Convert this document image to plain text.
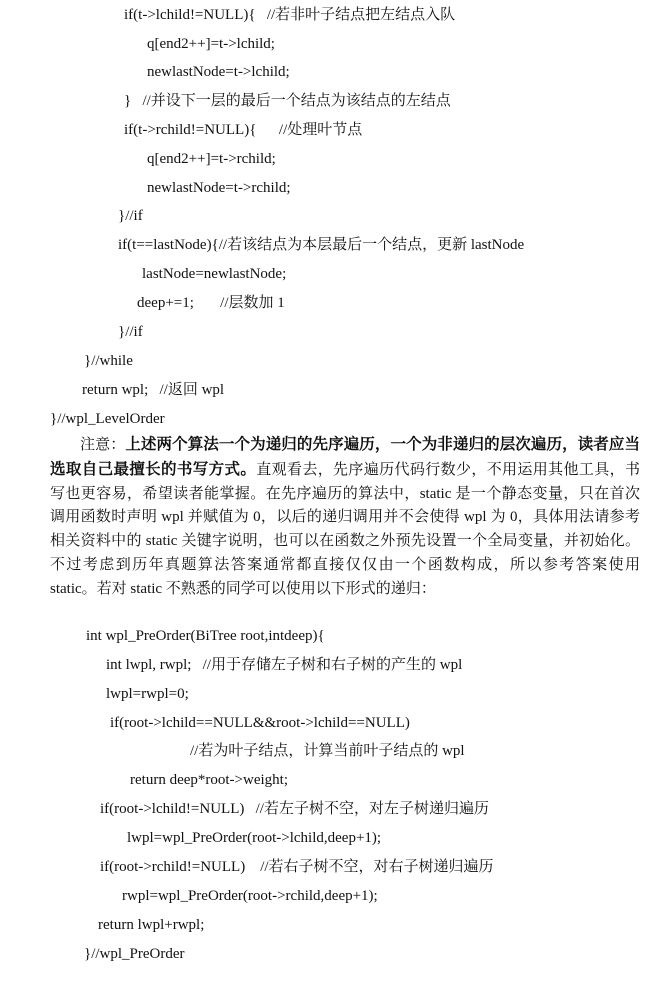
if(t->lchild!=NULL){   //若非叶子结点把左结点入队
q[end2++]=t->lchild;
newlastNode=t->lchild;
}   //并设下一层的最后一个结点为该结点的左结点
if(t->rchild!=NULL){      //处理叶节点
q[end2++]=t->rchild;
newlastNode=t->rchild;
}//if
if(t==lastNode){//若该结点为本层最后一个结点，更新 lastNode
lastNode=newlastNode;
deep+=1;       //层数加 1
}//if
}//while
return wpl;   //返回 wpl
}//wpl_LevelOrder
注意：上述两个算法一个为递归的先序遍历，一个为非递归的层次遍历，读者应当选取自己最擅长的书写方式。直观看去，先序遍历代码行数少，不用运用其他工具，书写也更容易，希望读者能掌握。在先序遍历的算法中，static 是一个静态变量，只在首次调用函数时声明 wpl 并赋值为 0，以后的递归调用并不会使得 wpl 为 0，具体用法请参考相关资料中的 static 关键字说明，也可以在函数之外预先设置一个全局变量，并初始化。不过考虑到历年真题算法答案通常都直接仅仅由一个函数构成，所以参考答案使用 static。若对 static 不熟悉的同学可以使用以下形式的递归：
int wpl_PreOrder(BiTree root,intdeep){
int lwpl, rwpl;   //用于存储左子树和右子树的产生的 wpl
lwpl=rwpl=0;
if(root->lchild==NULL&&root->lchild==NULL)
//若为叶子结点，计算当前叶子结点的 wpl
return deep*root->weight;
if(root->lchild!=NULL)   //若左子树不空，对左子树递归遍历
lwpl=wpl_PreOrder(root->lchild,deep+1);
if(root->rchild!=NULL)    //若右子树不空，对右子树递归遍历
rwpl=wpl_PreOrder(root->rchild,deep+1);
return lwpl+rwpl;
}//wpl_PreOrder
